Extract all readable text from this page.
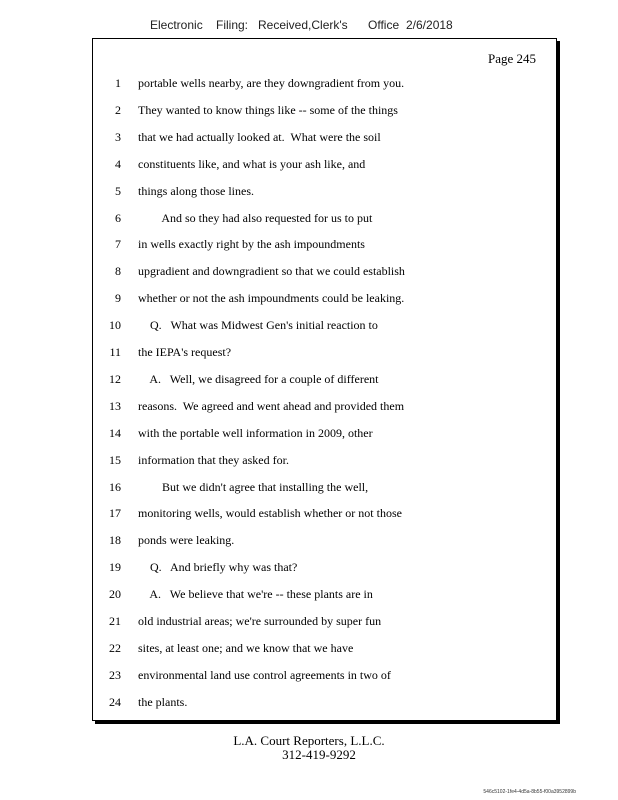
Electronic Filing: Received,Clerk's Office 2/6/2018
Page 245
1 portable wells nearby, are they downgradient from you.
2 They wanted to know things like -- some of the things
3 that we had actually looked at.  What were the soil
4 constituents like, and what is your ash like, and
5 things along those lines.
6 And so they had also requested for us to put
7 in wells exactly right by the ash impoundments
8 upgradient and downgradient so that we could establish
9 whether or not the ash impoundments could be leaking.
10 Q.   What was Midwest Gen's initial reaction to
11 the IEPA's request?
12 A.   Well, we disagreed for a couple of different
13 reasons.  We agreed and went ahead and provided them
14 with the portable well information in 2009, other
15 information that they asked for.
16 But we didn't agree that installing the well,
17 monitoring wells, would establish whether or not those
18 ponds were leaking.
19 Q.   And briefly why was that?
20 A.   We believe that we're -- these plants are in
21 old industrial areas; we're surrounded by super fun
22 sites, at least one; and we know that we have
23 environmental land use control agreements in two of
24 the plants.
L.A. Court Reporters, L.L.C.
312-419-9292
546c5102-1fe4-4d5a-8b55-f00a3952899b
